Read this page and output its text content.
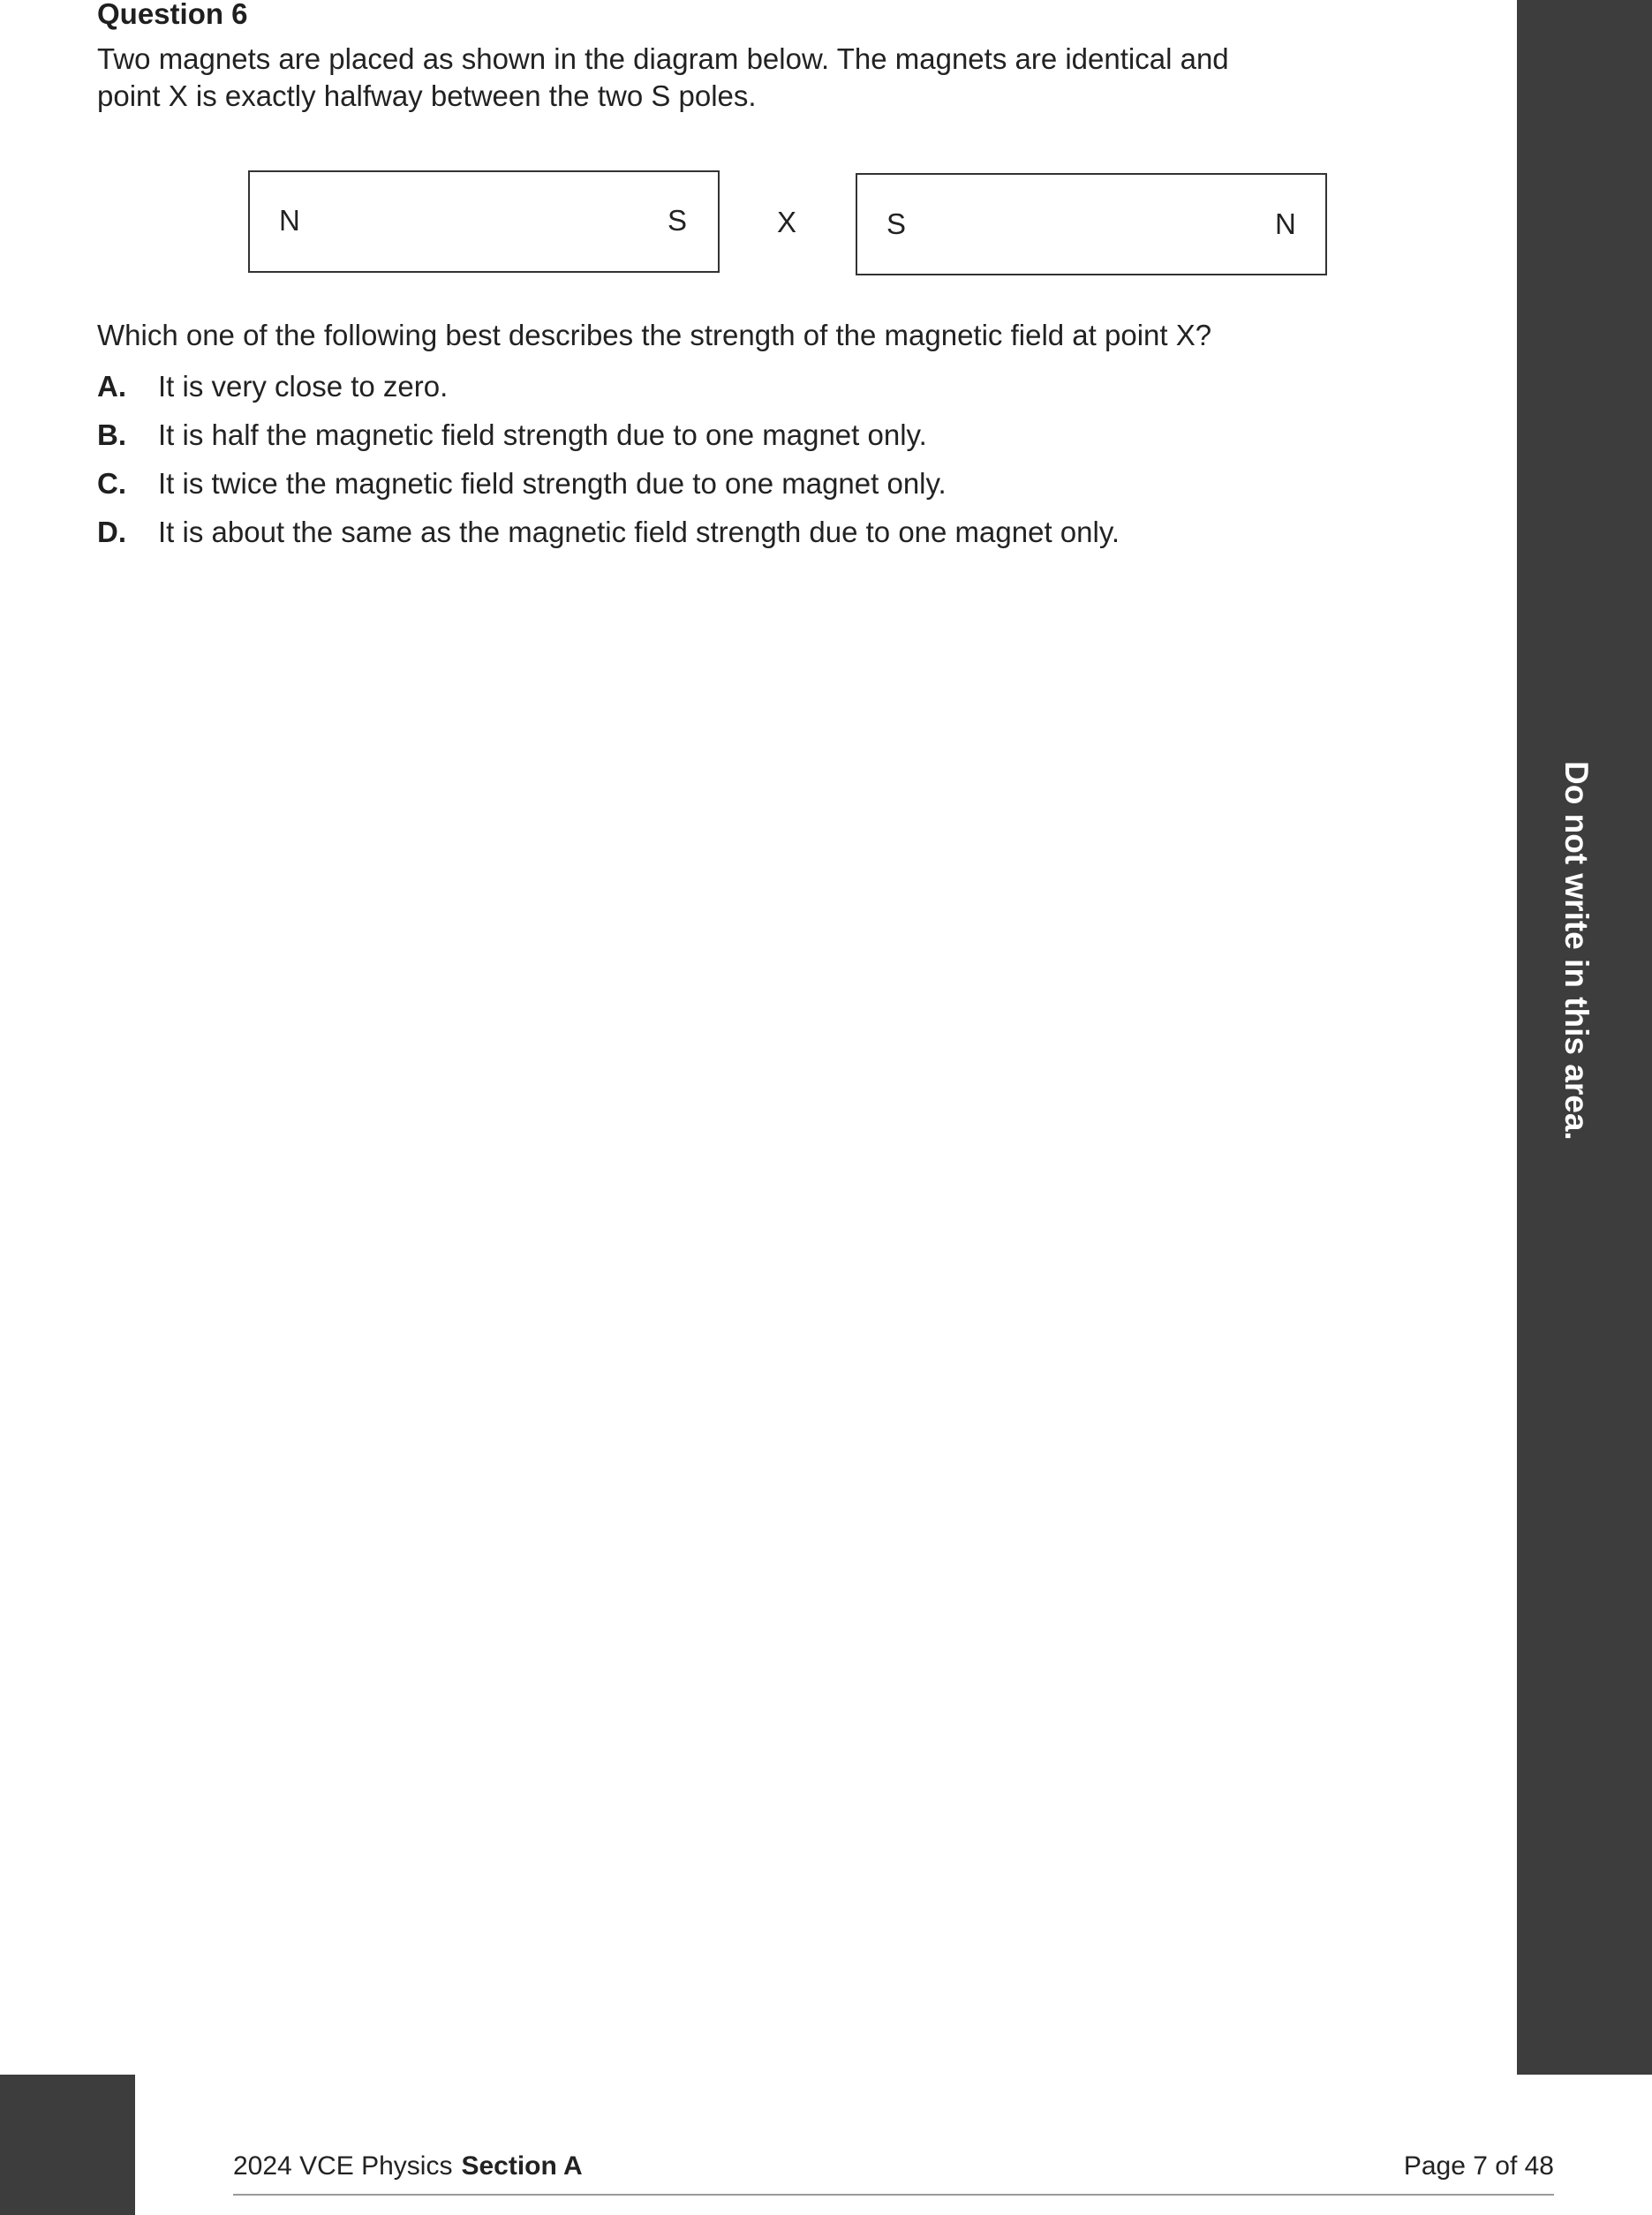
Question 6

Two magnets are placed as shown in the diagram below. The magnets are identical and

point X is exactly halfway between the two S poles.

N	S	X	S	N
Which one of the following best describes the strength of the magnetic field at point X?
A. It is very close to zero.
B. It is half the magnetic field strength due to one magnet only.
C. It is twice the magnetic field strength due to one magnet only.
D. It is about the same as the magnetic field strength due to one magnet only.
Do not write in this area.
2024 VCE Physics Section A	Page 7 of 48
